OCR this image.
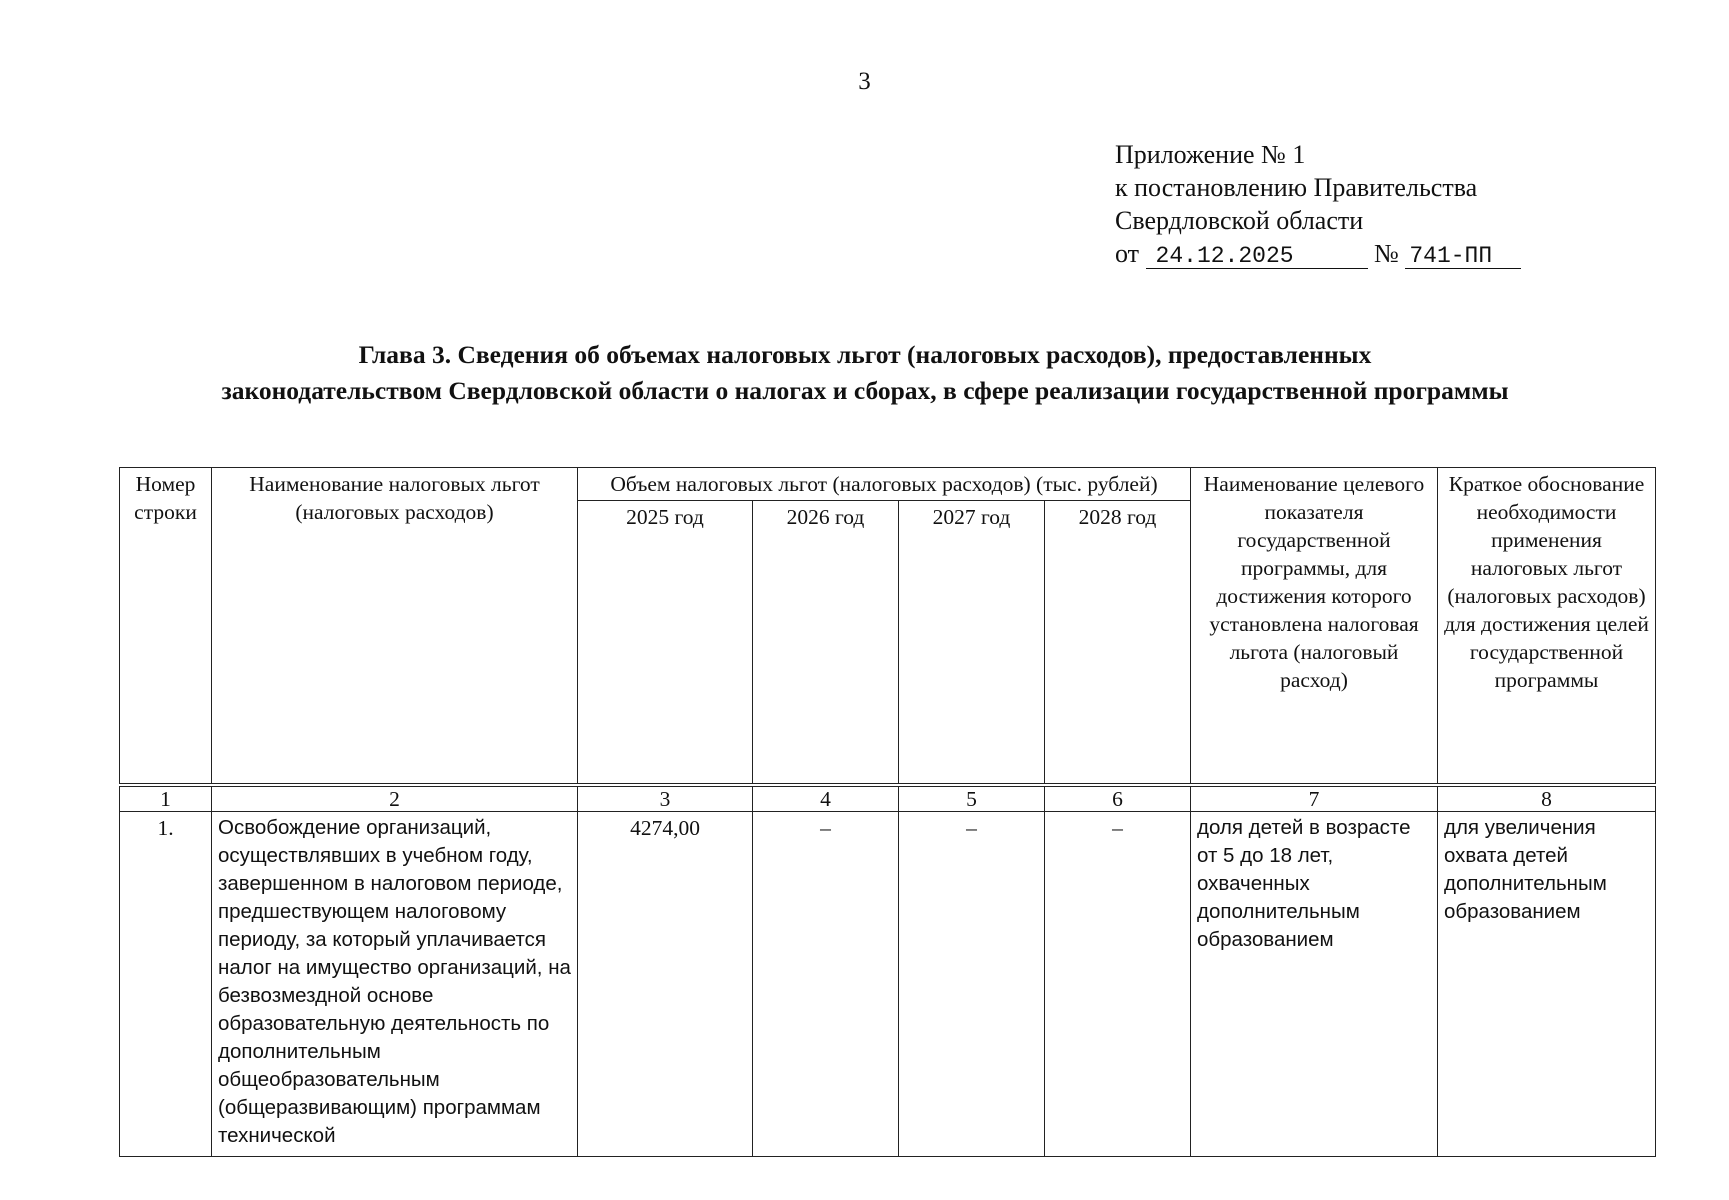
3
Приложение № 1
к постановлению Правительства
Свердловской области
от 24.12.2025	№ 741-ПП
Глава 3. Сведения об объемах налоговых льгот (налоговых расходов), предоставленных
законодательством Свердловской области о налогах и сборах, в сфере реализации государственной программы
Номер строки	Наименование налоговых льгот (налоговых расходов)	Объем налоговых льгот (налоговых расходов) (тыс. рублей)				Наименование целевого показателя государственной программы, для достижения которого установлена налоговая льгота (налоговый расход)	Краткое обоснование необходимости применения налоговых льгот (налоговых расходов) для достижения целей государственной программы
		2025 год	2026 год	2027 год	2028 год		
1	2	3	4	5	6	7	8
1.	Освобождение организаций, осуществлявших в учебном году, завершенном в налоговом периоде, предшествующем налоговому периоду, за который уплачивается налог на имущество организаций, на безвозмездной основе образовательную деятельность по дополнительным общеобразовательным (общеразвивающим) программам технической	4274,00	–	–	–	доля детей в возрасте от 5 до 18 лет, охваченных дополнительным образованием	для увеличения охвата детей дополнительным образованием
